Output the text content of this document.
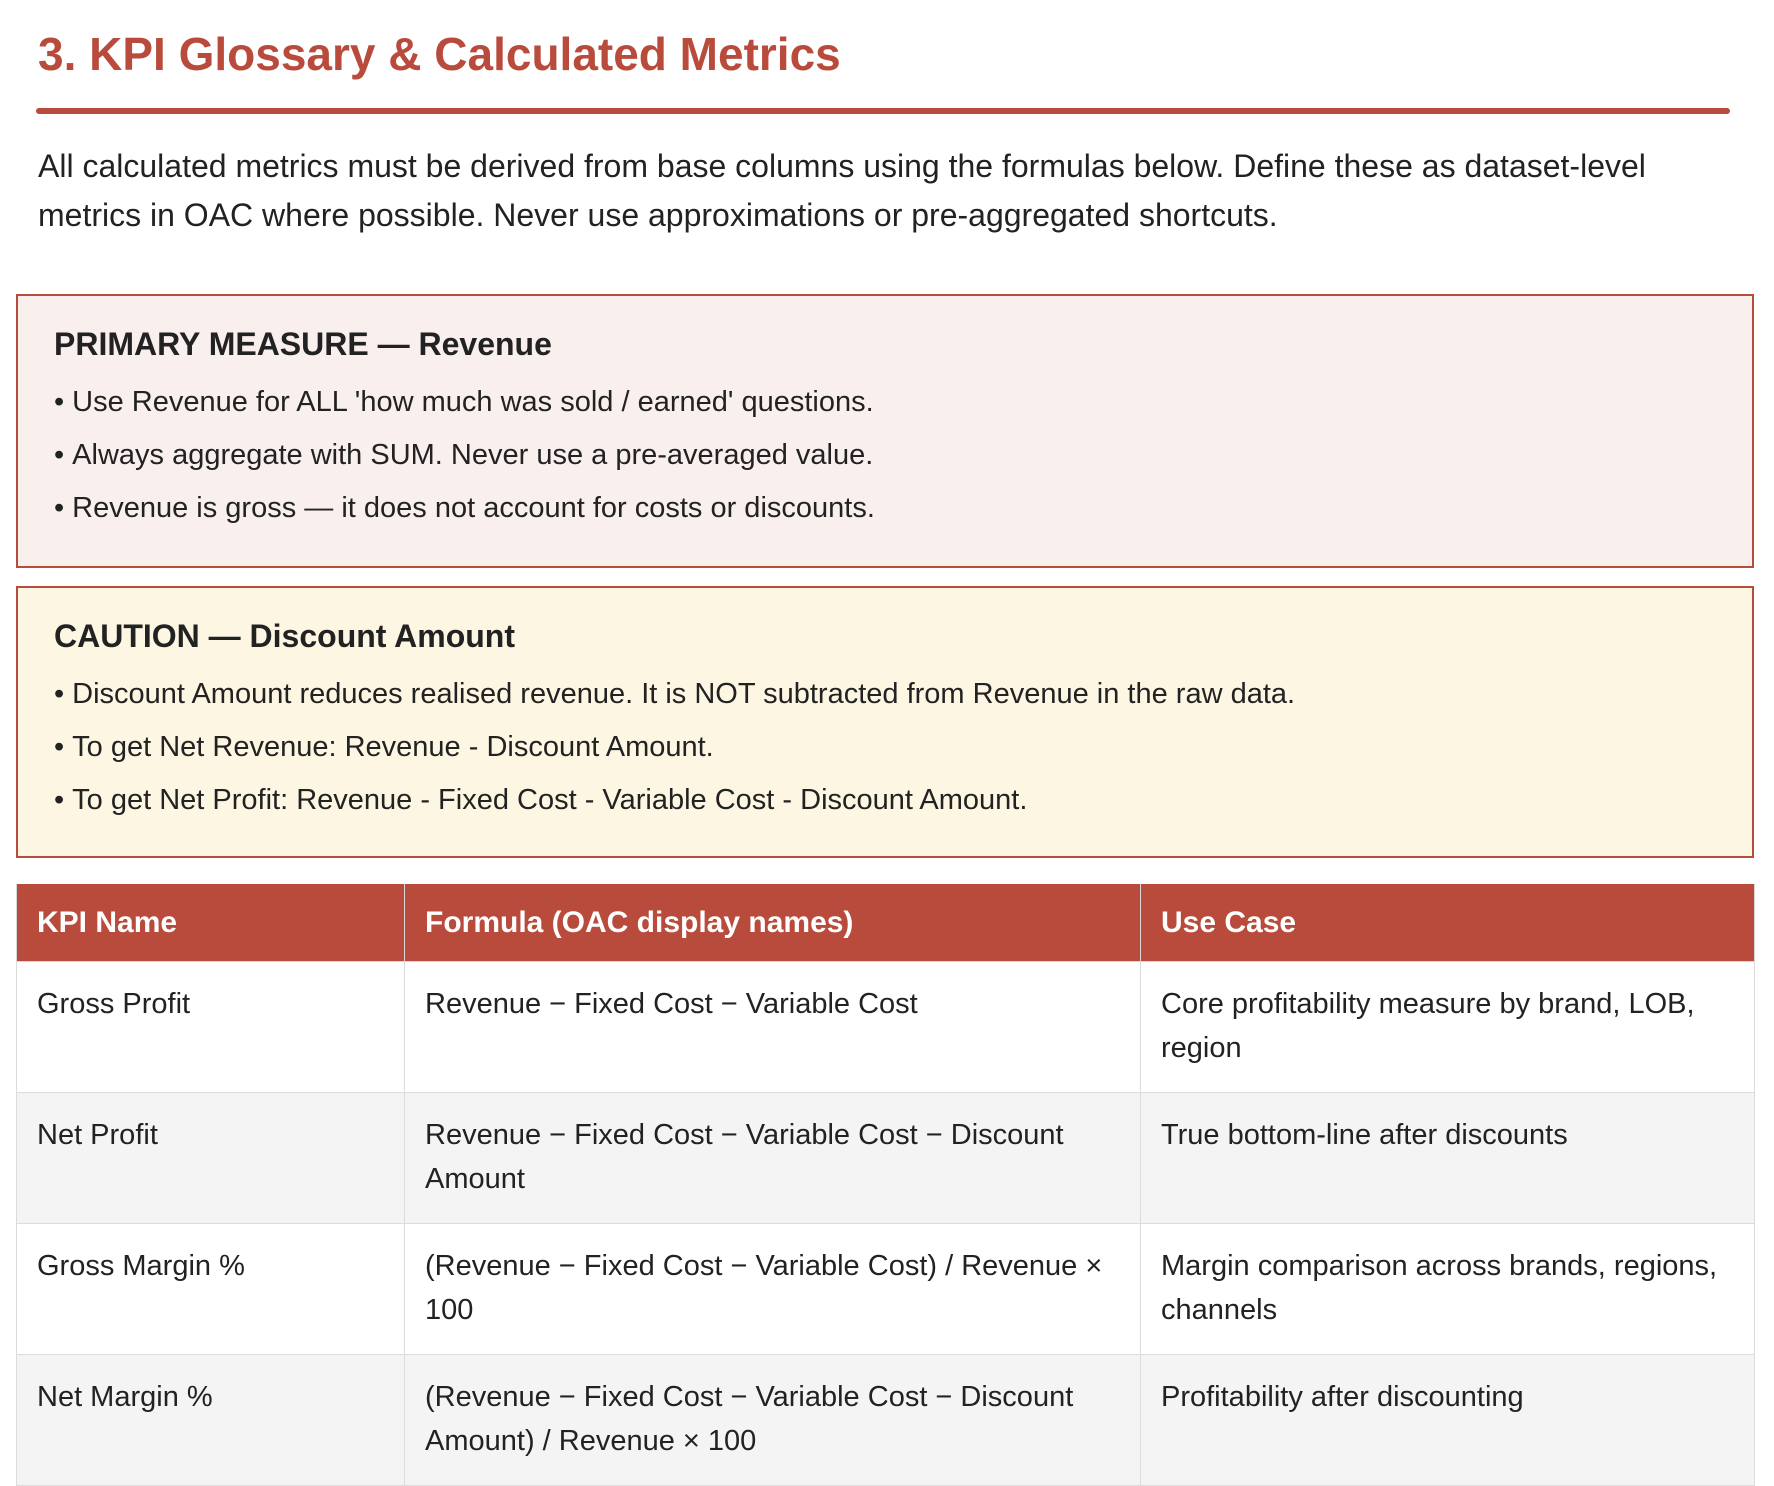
3. KPI Glossary & Calculated Metrics
All calculated metrics must be derived from base columns using the formulas below. Define these as dataset-level metrics in OAC where possible. Never use approximations or pre-aggregated shortcuts.
PRIMARY MEASURE — Revenue
• Use Revenue for ALL 'how much was sold / earned' questions.
• Always aggregate with SUM. Never use a pre-averaged value.
• Revenue is gross — it does not account for costs or discounts.
CAUTION — Discount Amount
• Discount Amount reduces realised revenue. It is NOT subtracted from Revenue in the raw data.
• To get Net Revenue: Revenue - Discount Amount.
• To get Net Profit: Revenue - Fixed Cost - Variable Cost - Discount Amount.
KPI Name	Formula (OAC display names)	Use Case
Gross Profit	Revenue − Fixed Cost − Variable Cost	Core profitability measure by brand, LOB, region
Net Profit	Revenue − Fixed Cost − Variable Cost − Discount Amount	True bottom-line after discounts
Gross Margin %	(Revenue − Fixed Cost − Variable Cost) / Revenue × 100	Margin comparison across brands, regions, channels
Net Margin %	(Revenue − Fixed Cost − Variable Cost − Discount Amount) / Revenue × 100	Profitability after discounting
